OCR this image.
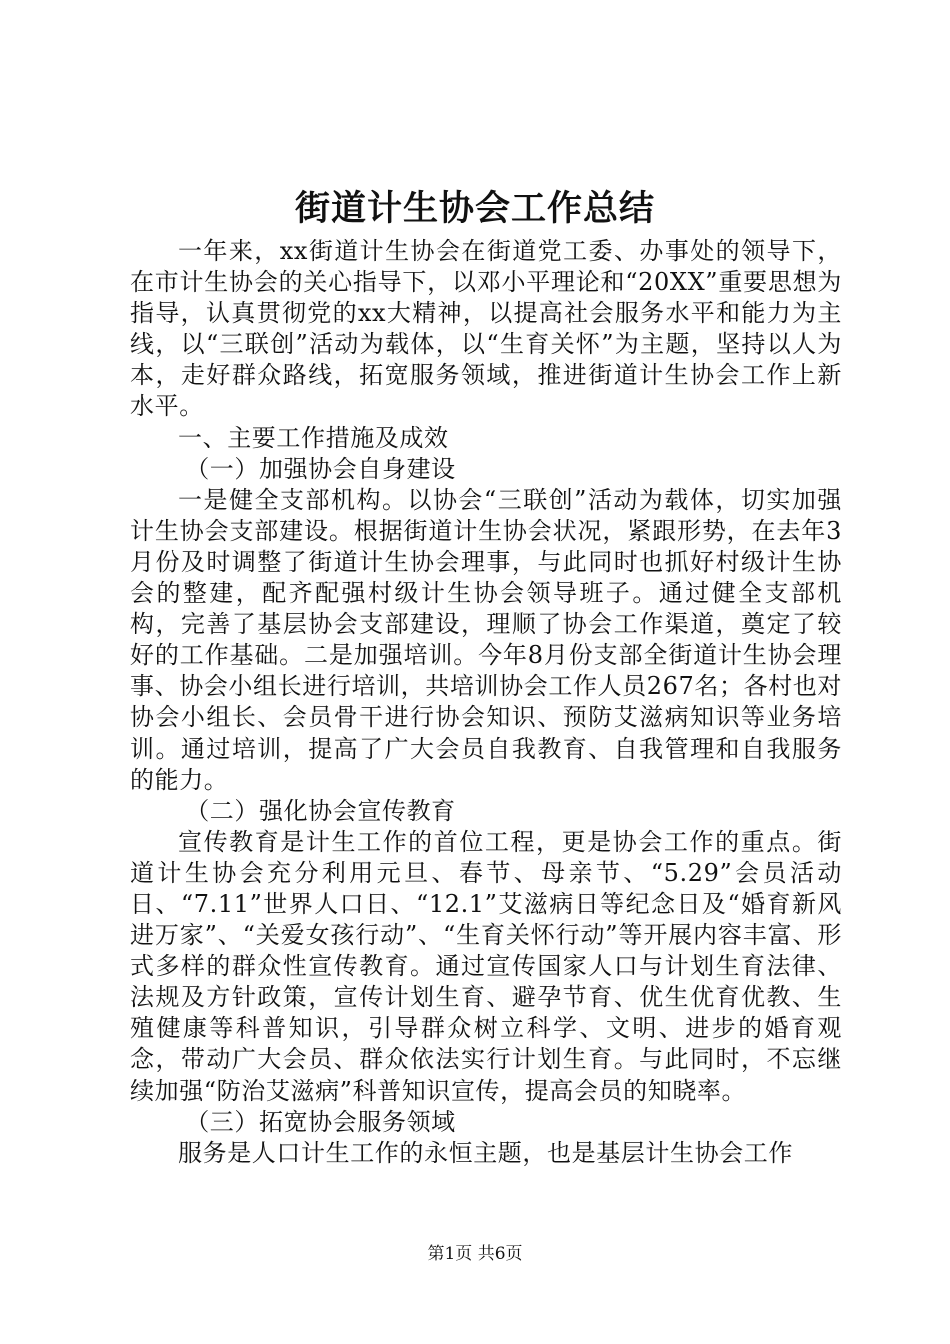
街道计生协会工作总结

一年来，xx街道计生协会在街道党工委、办事处的领导下，在市计生协会的关心指导下，以邓小平理论和“20XX”重要思想为指导，认真贯彻党的xx大精神，以提高社会服务水平和能力为主线，以“三联创”活动为载体，以“生育关怀”为主题，坚持以人为本，走好群众路线，拓宽服务领域，推进街道计生协会工作上新水平。

一、主要工作措施及成效

（一）加强协会自身建设

一是健全支部机构。以协会“三联创”活动为载体，切实加强计生协会支部建设。根据街道计生协会状况，紧跟形势，在去年3月份及时调整了街道计生协会理事，与此同时也抓好村级计生协会的整建，配齐配强村级计生协会领导班子。通过健全支部机构，完善了基层协会支部建设，理顺了协会工作渠道，奠定了较好的工作基础。二是加强培训。今年8月份支部全街道计生协会理事、协会小组长进行培训，共培训协会工作人员267名；各村也对协会小组长、会员骨干进行协会知识、预防艾滋病知识等业务培训。通过培训，提高了广大会员自我教育、自我管理和自我服务的能力。

（二）强化协会宣传教育

宣传教育是计生工作的首位工程，更是协会工作的重点。街道计生协会充分利用元旦、春节、母亲节、“5.29”会员活动日、“7.11”世界人口日、“12.1”艾滋病日等纪念日及“婚育新风进万家”、“关爱女孩行动”、“生育关怀行动”等开展内容丰富、形式多样的群众性宣传教育。通过宣传国家人口与计划生育法律、法规及方针政策，宣传计划生育、避孕节育、优生优育优教、生殖健康等科普知识，引导群众树立科学、文明、进步的婚育观念，带动广大会员、群众依法实行计划生育。与此同时，不忘继续加强“防治艾滋病”科普知识宣传，提高会员的知晓率。

（三）拓宽协会服务领域

服务是人口计生工作的永恒主题，也是基层计生协会工作

第1页 共6页
